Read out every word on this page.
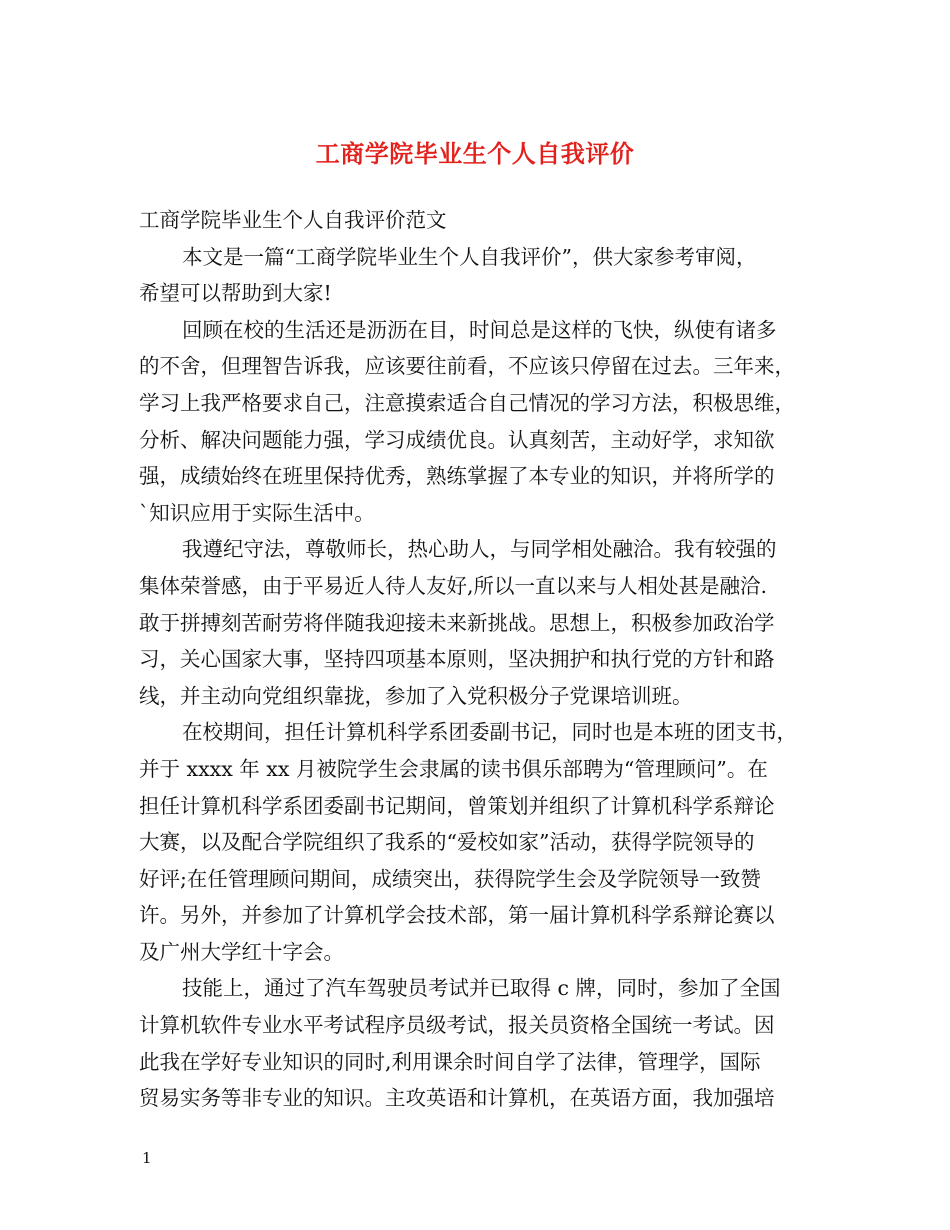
工商学院毕业生个人自我评价
工商学院毕业生个人自我评价范文
本文是一篇“工商学院毕业生个人自我评价”，供大家参考审阅，
希望可以帮助到大家!
回顾在校的生活还是沥沥在目，时间总是这样的飞快，纵使有诸多
的不舍，但理智告诉我，应该要往前看，不应该只停留在过去。三年来，
学习上我严格要求自己，注意摸索适合自己情况的学习方法，积极思维，
分析、解决问题能力强，学习成绩优良。认真刻苦，主动好学，求知欲
强，成绩始终在班里保持优秀，熟练掌握了本专业的知识，并将所学的
`知识应用于实际生活中。
我遵纪守法，尊敬师长，热心助人，与同学相处融洽。我有较强的
集体荣誉感，由于平易近人待人友好,所以一直以来与人相处甚是融洽.
敢于拼搏刻苦耐劳将伴随我迎接未来新挑战。思想上，积极参加政治学
习，关心国家大事，坚持四项基本原则，坚决拥护和执行党的方针和路
线，并主动向党组织靠拢，参加了入党积极分子党课培训班。
在校期间，担任计算机科学系团委副书记，同时也是本班的团支书，
并于 xxxx 年 xx 月被院学生会隶属的读书俱乐部聘为“管理顾问”。在
担任计算机科学系团委副书记期间，曾策划并组织了计算机科学系辩论
大赛，以及配合学院组织了我系的“爱校如家”活动，获得学院领导的
好评;在任管理顾问期间，成绩突出，获得院学生会及学院领导一致赞
许。另外，并参加了计算机学会技术部，第一届计算机科学系辩论赛以
及广州大学红十字会。
技能上，通过了汽车驾驶员考试并已取得 c 牌，同时，参加了全国
计算机软件专业水平考试程序员级考试，报关员资格全国统一考试。因
此我在学好专业知识的同时,利用课余时间自学了法律，管理学，国际
贸易实务等非专业的知识。主攻英语和计算机，在英语方面，我加强培
1
